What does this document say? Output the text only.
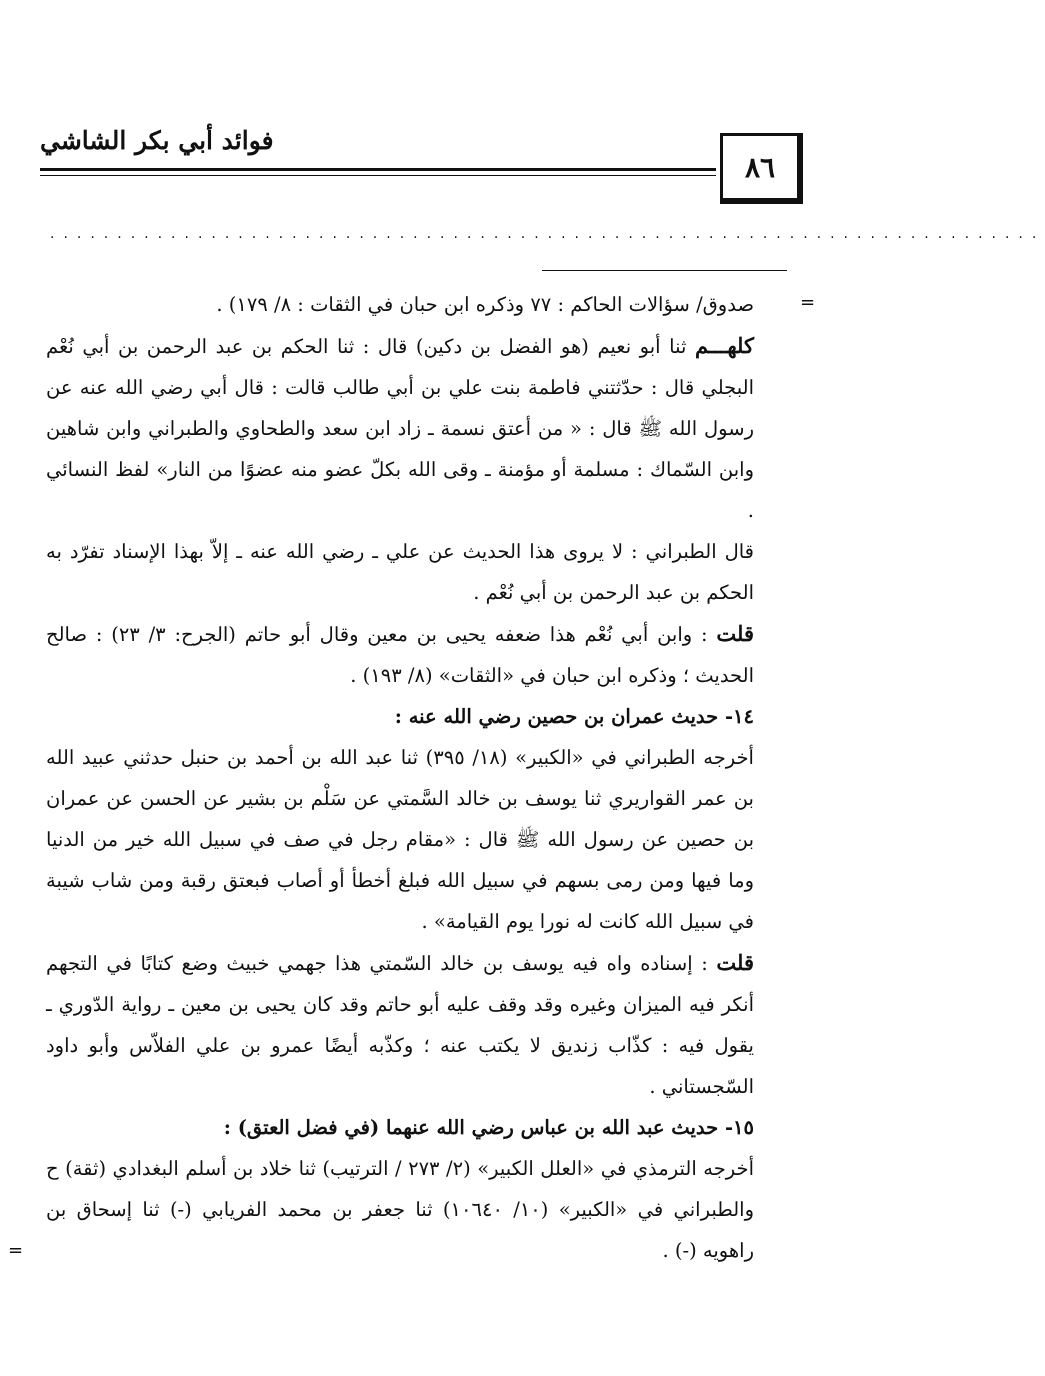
فوائد أبي بكر الشاشي
٨٦
..........................................................................
=
=

صدوق/ سؤالات الحاكم : ٧٧ وذكره ابن حبان في الثقات : ٨/ ١٧٩) .

كلهـــم ثنا أبو نعيم (هو الفضل بن دكين) قال : ثنا الحكم بن عبد الرحمن بن أبي نُعْم البجلي قال : حدّثتني فاطمة بنت علي بن أبي طالب قالت : قال أبي رضي الله عنه عن رسول الله ﷺ قال : « من أعتق نسمة ـ زاد ابن سعد والطحاوي والطبراني وابن شاهين وابن السّماك : مسلمة أو مؤمنة ـ وقى الله بكلّ عضو منه عضوًا من النار» لفظ النسائي .

قال الطبراني : لا يروى هذا الحديث عن علي ـ رضي الله عنه ـ إلاّ بهذا الإسناد تفرّد به الحكم بن عبد الرحمن بن أبي نُعْم .

قلت : وابن أبي نُعْم هذا ضعفه يحيى بن معين وقال أبو حاتم (الجرح: ٣/ ٢٣) : صالح الحديث ؛ وذكره ابن حبان في «الثقات» (٨/ ١٩٣) .

١٤- حديث عمران بن حصين رضي الله عنه :

أخرجه الطبراني في «الكبير» (١٨/ ٣٩٥) ثنا عبد الله بن أحمد بن حنبل حدثني عبيد الله بن عمر القواريري ثنا يوسف بن خالد السَّمتي عن سَلْم بن بشير عن الحسن عن عمران بن حصين عن رسول الله ﷺ قال : «مقام رجل في صف في سبيل الله خير من الدنيا وما فيها ومن رمى بسهم في سبيل الله فبلغ أخطأ أو أصاب فبعتق رقبة ومن شاب شيبة في سبيل الله كانت له نورا يوم القيامة» .

قلت : إسناده واه فيه يوسف بن خالد السّمتي هذا جهمي خبيث وضع كتابًا في التجهم أنكر فيه الميزان وغيره وقد وقف عليه أبو حاتم وقد كان يحيى بن معين ـ رواية الدّوري ـ يقول فيه : كذّاب زنديق لا يكتب عنه ؛ وكذّبه أيضًا عمرو بن علي الفلاّس وأبو داود السّجستاني .

١٥- حديث عبد الله بن عباس رضي الله عنهما (في فضل العتق) :

أخرجه الترمذي في «العلل الكبير» (٢/ ٢٧٣ / الترتيب) ثنا خلاد بن أسلم البغدادي (ثقة) ح والطبراني في «الكبير» (١٠/ ١٠٦٤٠) ثنا جعفر بن محمد الفريابي (-) ثنا إسحاق بن راهويه (-) .
